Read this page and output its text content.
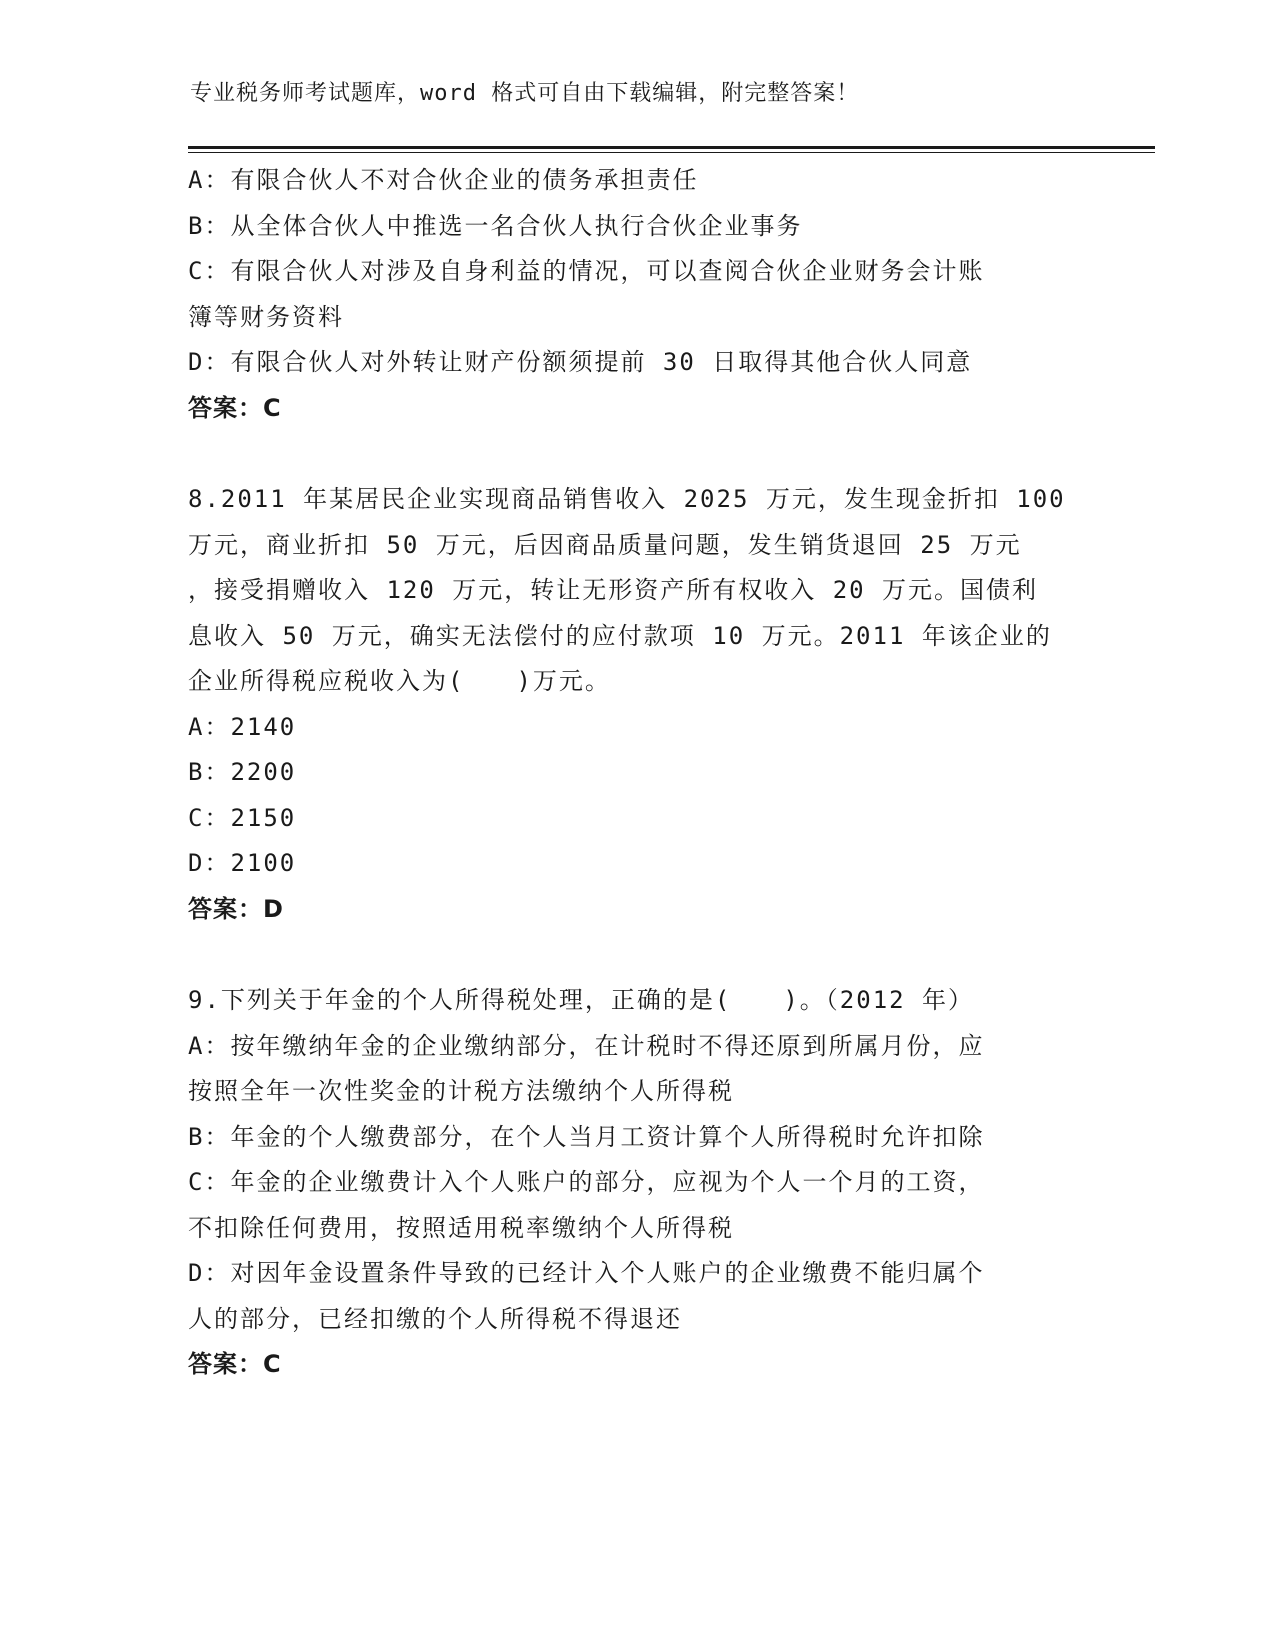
专业税务师考试题库，word 格式可自由下载编辑，附完整答案！
A：有限合伙人不对合伙企业的债务承担责任
B：从全体合伙人中推选一名合伙人执行合伙企业事务
C：有限合伙人对涉及自身利益的情况，可以查阅合伙企业财务会计账
簿等财务资料
D：有限合伙人对外转让财产份额须提前 30 日取得其他合伙人同意
答案：C
8.2011 年某居民企业实现商品销售收入 2025 万元，发生现金折扣 100
万元，商业折扣 50 万元，后因商品质量问题，发生销货退回 25 万元
，接受捐赠收入 120 万元，转让无形资产所有权收入 20 万元。国债利
息收入 50 万元，确实无法偿付的应付款项 10 万元。2011 年该企业的
企业所得税应税收入为(　　)万元。
A：2140
B：2200
C：2150
D：2100
答案：D
9.下列关于年金的个人所得税处理，正确的是(　　)。（2012 年）
A：按年缴纳年金的企业缴纳部分，在计税时不得还原到所属月份，应
按照全年一次性奖金的计税方法缴纳个人所得税
B：年金的个人缴费部分，在个人当月工资计算个人所得税时允许扣除
C：年金的企业缴费计入个人账户的部分，应视为个人一个月的工资，
不扣除任何费用，按照适用税率缴纳个人所得税
D：对因年金设置条件导致的已经计入个人账户的企业缴费不能归属个
人的部分，已经扣缴的个人所得税不得退还
答案：C
